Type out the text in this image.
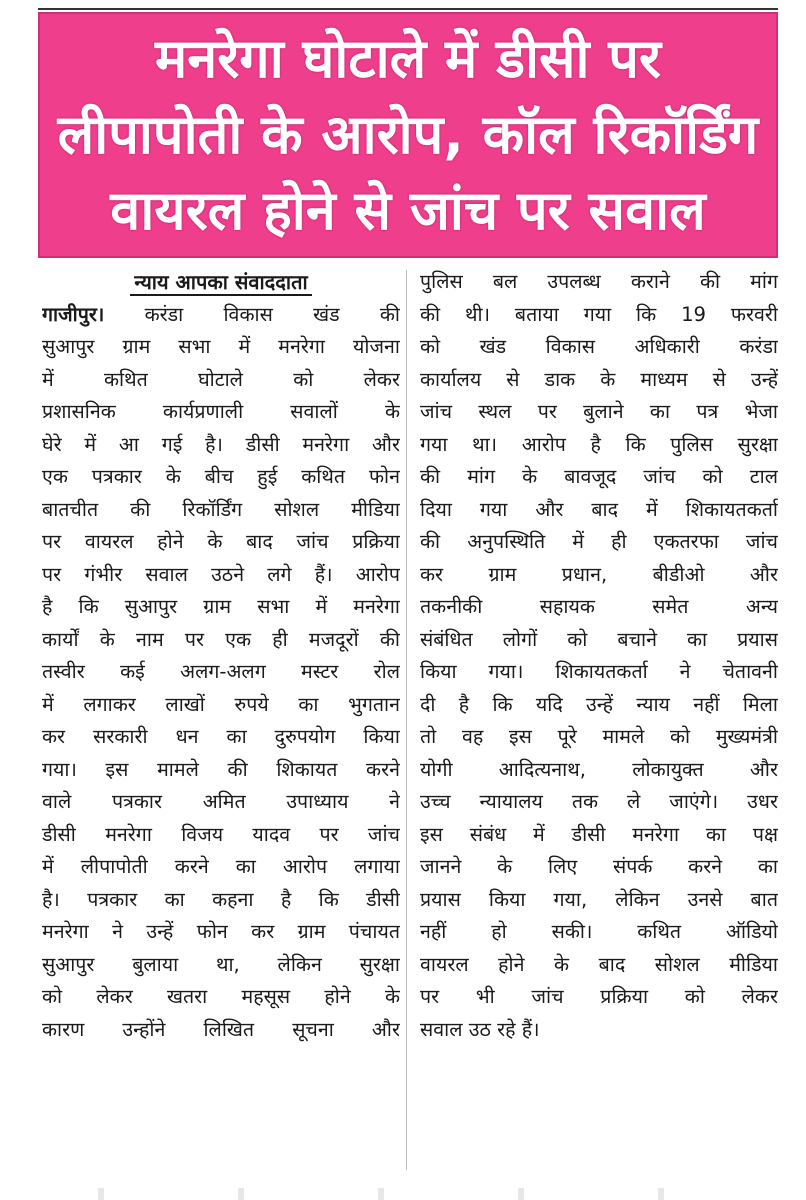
मनरेगा घोटाले में डीसी पर
लीपापोती के आरोप, कॉल रिकॉर्डिंग
वायरल होने से जांच पर सवाल
न्याय आपका संवाददाता
गाजीपुर। करंडा विकास खंड की
सुआपुर ग्राम सभा में मनरेगा योजना
में कथित घोटाले को लेकर
प्रशासनिक कार्यप्रणाली सवालों के
घेरे में आ गई है। डीसी मनरेगा और
एक पत्रकार के बीच हुई कथित फोन
बातचीत की रिकॉर्डिंग सोशल मीडिया
पर वायरल होने के बाद जांच प्रक्रिया
पर गंभीर सवाल उठने लगे हैं। आरोप
है कि सुआपुर ग्राम सभा में मनरेगा
कार्यों के नाम पर एक ही मजदूरों की
तस्वीर कई अलग-अलग मस्टर रोल
में लगाकर लाखों रुपये का भुगतान
कर सरकारी धन का दुरुपयोग किया
गया। इस मामले की शिकायत करने
वाले पत्रकार अमित उपाध्याय ने
डीसी मनरेगा विजय यादव पर जांच
में लीपापोती करने का आरोप लगाया
है। पत्रकार का कहना है कि डीसी
मनरेगा ने उन्हें फोन कर ग्राम पंचायत
सुआपुर बुलाया था, लेकिन सुरक्षा
को लेकर खतरा महसूस होने के
कारण उन्होंने लिखित सूचना और
पुलिस बल उपलब्ध कराने की मांग
की थी। बताया गया कि 19 फरवरी
को खंड विकास अधिकारी करंडा
कार्यालय से डाक के माध्यम से उन्हें
जांच स्थल पर बुलाने का पत्र भेजा
गया था। आरोप है कि पुलिस सुरक्षा
की मांग के बावजूद जांच को टाल
दिया गया और बाद में शिकायतकर्ता
की अनुपस्थिति में ही एकतरफा जांच
कर ग्राम प्रधान, बीडीओ और
तकनीकी सहायक समेत अन्य
संबंधित लोगों को बचाने का प्रयास
किया गया। शिकायतकर्ता ने चेतावनी
दी है कि यदि उन्हें न्याय नहीं मिला
तो वह इस पूरे मामले को मुख्यमंत्री
योगी आदित्यनाथ, लोकायुक्त और
उच्च न्यायालय तक ले जाएंगे। उधर
इस संबंध में डीसी मनरेगा का पक्ष
जानने के लिए संपर्क करने का
प्रयास किया गया, लेकिन उनसे बात
नहीं हो सकी। कथित ऑडियो
वायरल होने के बाद सोशल मीडिया
पर भी जांच प्रक्रिया को लेकर
सवाल उठ रहे हैं।
